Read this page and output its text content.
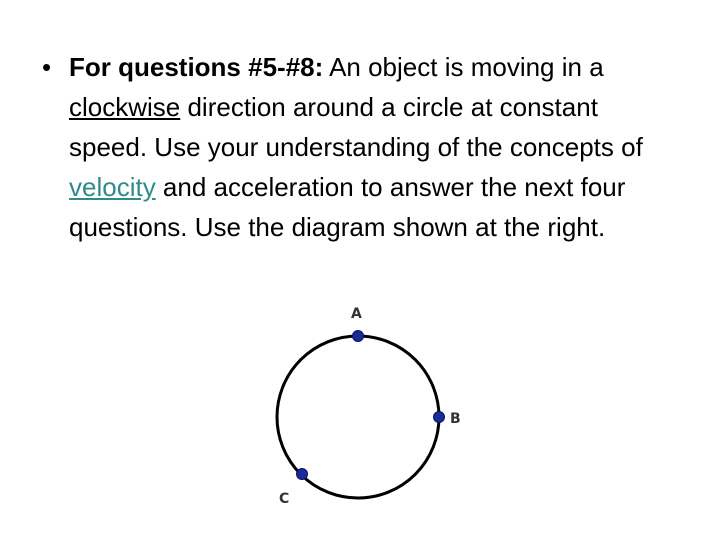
• For questions #5-#8: An object is moving in a clockwise direction around a circle at constant speed. Use your understanding of the concepts of velocity and acceleration to answer the next four questions. Use the diagram shown at the right.

A
B
C
